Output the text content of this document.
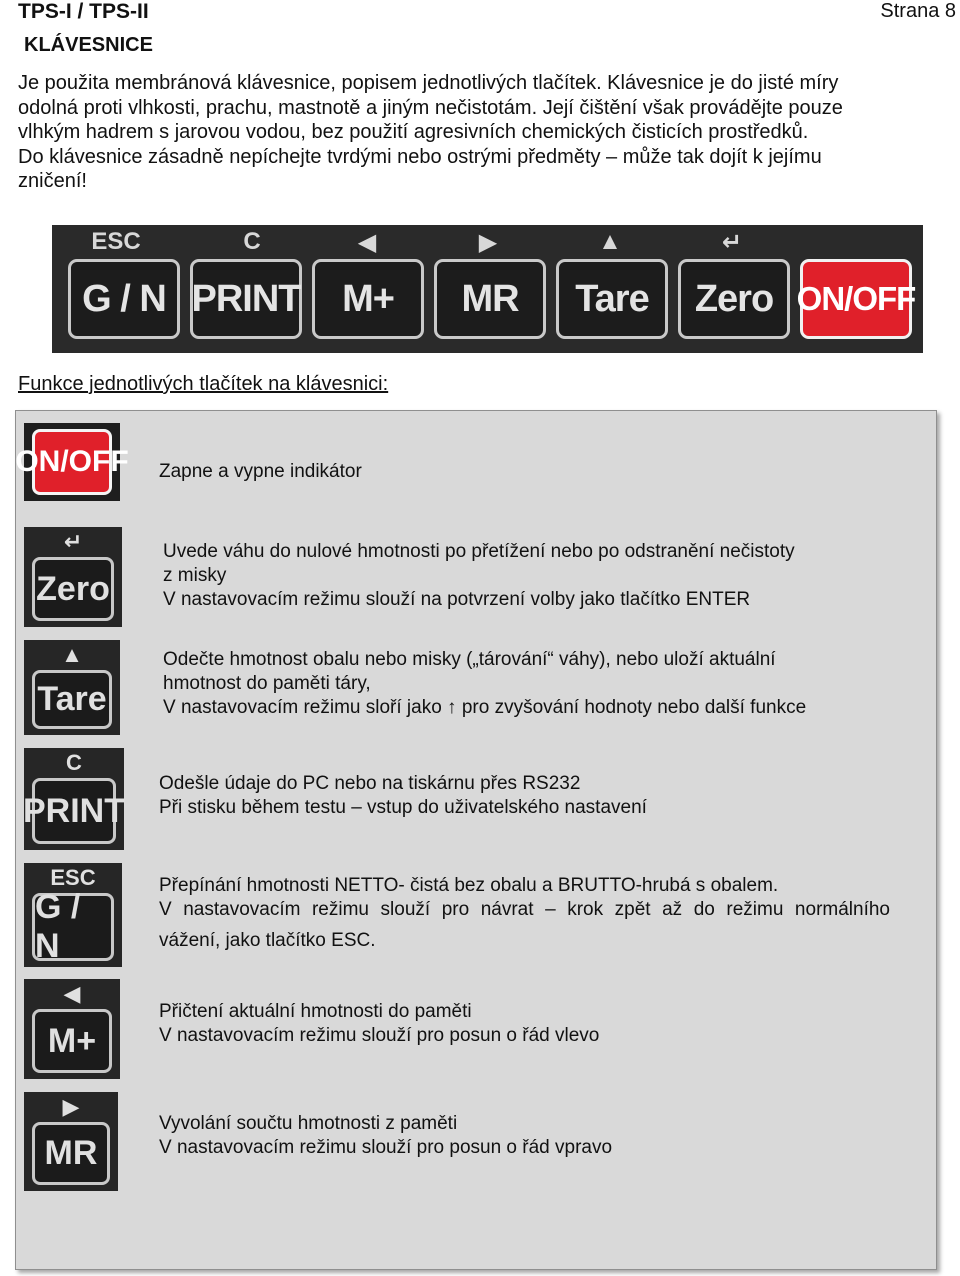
TPS-I / TPS-II	Strana 8
KLÁVESNICE

Je použita membránová klávesnice, popisem jednotlivých tlačítek. Klávesnice je do jisté míry

odolná proti vlhkosti, prachu, mastnotě a jiným nečistotám. Její čištění však provádějte pouze

vlhkým hadrem s jarovou vodou, bez použití agresivních chemických čisticích prostředků.

Do klávesnice zásadně nepíchejte tvrdými nebo ostrými předměty – může tak dojít k jejímu

zničení!

ESC
G / N
C
PRINT
◀
M+
▶
MR
▲
Tare
↵
Zero ON/OFF
Funkce jednotlivých tlačítek na klávesnici:
ON/OFF Zapne a vypne indikátor
↵
Zero
Uvede váhu do nulové hmotnosti po přetížení nebo po odstranění nečistoty
z misky
V nastavovacím režimu slouží na potvrzení volby jako tlačítko ENTER
▲
Tare
Odečte hmotnost obalu nebo misky („tárování“ váhy), nebo uloží aktuální
hmotnost do paměti táry,
V nastavovacím režimu sloří jako ↑ pro zvyšování hodnoty nebo další funkce
C
PRINT
Odešle údaje do PC nebo na tiskárnu přes RS232
Při stisku během testu – vstup do uživatelského nastavení
ESC
G / N
Přepínání hmotnosti NETTO- čistá bez obalu a BRUTTO-hrubá s obalem.
V nastavovacím režimu slouží pro návrat – krok zpět až do režimu normálního
vážení, jako tlačítko ESC.
◀
M+
Přičtení aktuální hmotnosti do paměti
V nastavovacím režimu slouží pro posun o řád vlevo
▶
MR
Vyvolání součtu hmotnosti z paměti
V nastavovacím režimu slouží pro posun o řád vpravo
